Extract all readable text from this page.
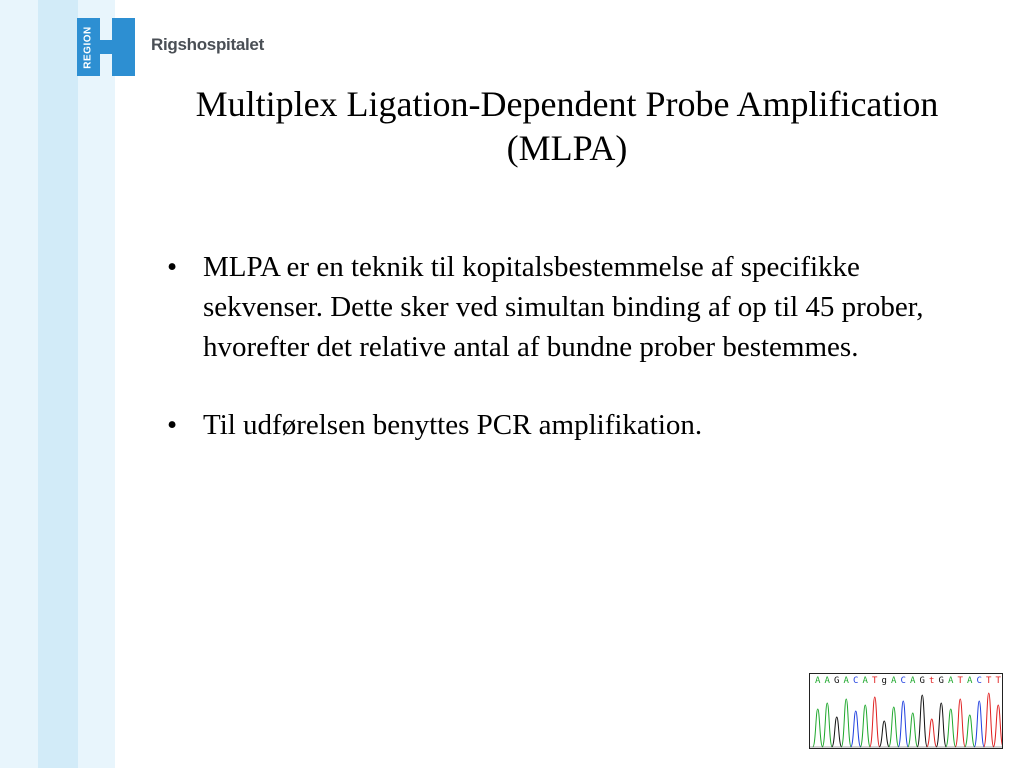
REGION	Rigshospitalet
Multiplex Ligation-Dependent Probe Amplification
(MLPA)
• MLPA er en teknik til kopitalsbestemmelse af specifikke sekvenser. Dette sker ved simultan binding af op til 45 prober, hvorefter det relative antal af bundne prober bestemmes.
• Til udførelsen benyttes PCR amplifikation.
A A G A C A T g A C A G t G A T A C T T
